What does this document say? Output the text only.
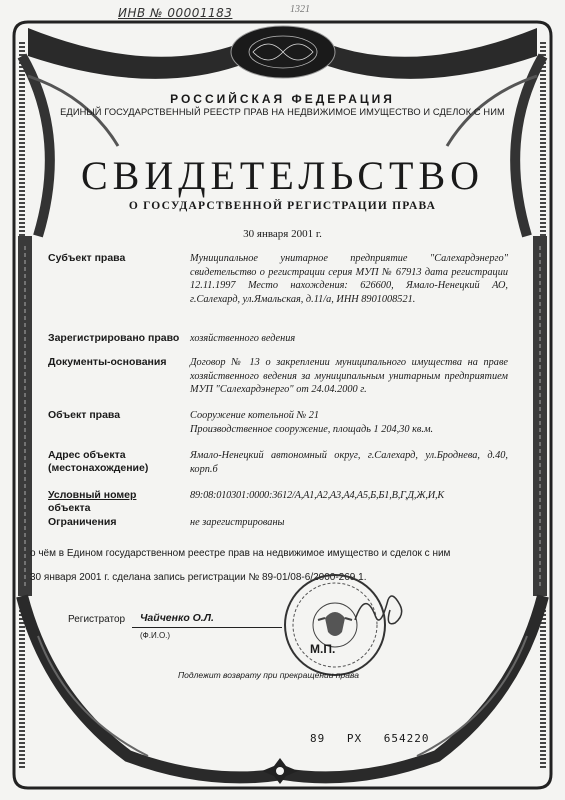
ИНВ № 00001183	1321
РОССИЙСКАЯ ФЕДЕРАЦИЯ
ЕДИНЫЙ ГОСУДАРСТВЕННЫЙ РЕЕСТР ПРАВ НА НЕДВИЖИМОЕ ИМУЩЕСТВО И СДЕЛОК С НИМ
СВИДЕТЕЛЬСТВО
О ГОСУДАРСТВЕННОЙ РЕГИСТРАЦИИ ПРАВА
30 января 2001 г.
Субъект права	Муниципальное унитарное предприятие "Салехардэнерго" свидетельство о регистрации серия МУП № 67913 дата регистрации 12.11.1997 Место нахождения: 626600, Ямало-Ненецкий АО, г.Салехард, ул.Ямальская, д.11/а, ИНН 8901008521.
Зарегистрировано право хозяйственного ведения
Документы-основания Договор № 13 о закреплении муниципального имущества на праве хозяйственного ведения за муниципальным унитарным предприятием МУП "Салехардэнерго" от 24.04.2000 г.
Объект права	Сооружение котельной № 21
Производственное сооружение, площадь 1 204,30 кв.м.
Адрес объекта
(местонахождение)
Ямало-Ненецкий автономный округ, г.Салехард, ул.Броднева, д.40, корп.б
Условный номер
объекта
89:08:010301:0000:3612/А,А1,А2,А3,А4,А5,Б,Б1,В,Г,Д,Ж,И,К
Ограничения	не зарегистрированы
о чём в Едином государственном реестре прав на недвижимое имущество и сделок с ним
30 января 2001 г. сделана запись регистрации № 89-01/08-6/2000-269.1.
Регистратор Чайченко О.Л.
(Ф.И.О.)
М.П.
Подлежит возврату при прекращении права
89 РХ 654220
